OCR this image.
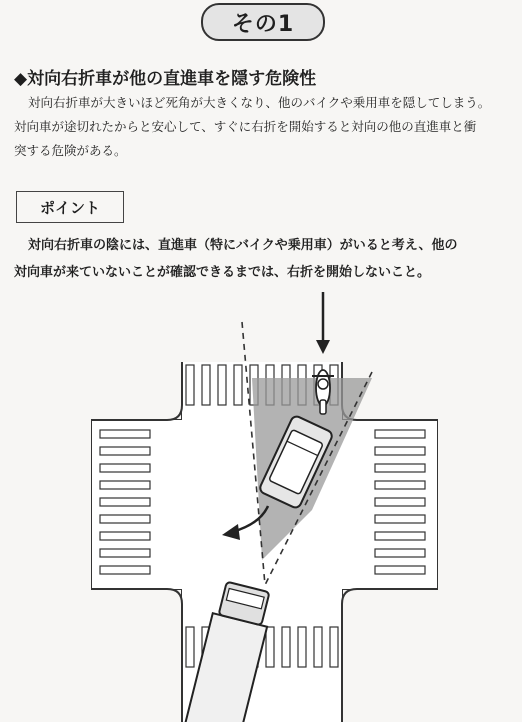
その1
◆対向右折車が他の直進車を隠す危険性

対向右折車が大きいほど死角が大きくなり、他のバイクや乗用車を隠してしまう。

対向車が途切れたからと安心して、すぐに右折を開始すると対向の他の直進車と衝

突する危険がある。

ポイント

対向右折車の陰には、直進車（特にバイクや乗用車）がいると考え、他の

対向車が来ていないことが確認できるまでは、右折を開始しないこと。
